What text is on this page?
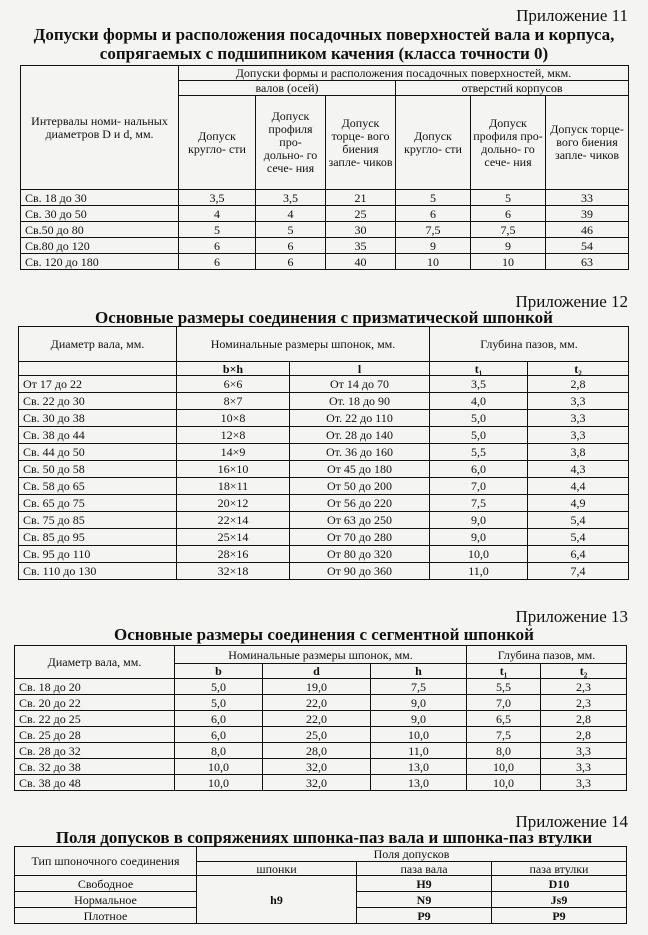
Приложение 11
Допуски формы и расположения посадочных поверхностей вала и корпуса,
сопрягаемых с подшипником качения (класса точности 0)
Интервалы номи- нальных диаметров D и d, мм.	Допуски формы и расположения посадочных поверхностей, мкм.					
	валов (осей)			отверстий корпусов		
	Допуск кругло- сти	Допуск профиля про- дольно- го сече- ния	Допуск торце- вого биения запле- чиков	Допуск кругло- сти	Допуск профиля про- дольно- го сече- ния	Допуск торце- вого биения запле- чиков
Св. 18 до 30	3,5	3,5	21	5	5	33
Св. 30 до 50	4	4	25	6	6	39
Св.50 до 80	5	5	30	7,5	7,5	46
Св.80 до 120	6	6	35	9	9	54
Св. 120 до 180	6	6	40	10	10	63
Приложение 12
Основные размеры соединения с призматической шпонкой
Диаметр вала, мм.	Номинальные размеры шпонок, мм.		Глубина пазов, мм.	
	b×h	l	t₁	t₂
От 17 до 22	6×6	От 14 до 70	3,5	2,8
Св. 22 до 30	8×7	От. 18 до 90	4,0	3,3
Св. 30 до 38	10×8	От. 22 до 110	5,0	3,3
Св. 38 до 44	12×8	От. 28 до 140	5,0	3,3
Св. 44 до 50	14×9	От. 36 до 160	5,5	3,8
Св. 50 до 58	16×10	От 45 до 180	6,0	4,3
Св. 58 до 65	18×11	От 50 до 200	7,0	4,4
Св. 65 до 75	20×12	От 56 до 220	7,5	4,9
Св. 75 до 85	22×14	От 63 до 250	9,0	5,4
Св. 85 до 95	25×14	От 70 до 280	9,0	5,4
Св. 95 до 110	28×16	От 80 до 320	10,0	6,4
Св. 110 до 130	32×18	От 90 до 360	11,0	7,4
Приложение 13
Основные размеры соединения с сегментной шпонкой
Диаметр вала, мм.	Номинальные размеры шпонок, мм.			Глубина пазов, мм.	
	b	d	h	t₁	t₂
Св. 18 до 20	5,0	19,0	7,5	5,5	2,3
Св. 20 до 22	5,0	22,0	9,0	7,0	2,3
Св. 22 до 25	6,0	22,0	9,0	6,5	2,8
Св. 25 до 28	6,0	25,0	10,0	7,5	2,8
Св. 28 до 32	8,0	28,0	11,0	8,0	3,3
Св. 32 до 38	10,0	32,0	13,0	10,0	3,3
Св. 38 до 48	10,0	32,0	13,0	10,0	3,3
Приложение 14
Поля допусков в сопряжениях шпонка-паз вала и шпонка-паз втулки
Тип шпоночного соединения	Поля допусков		
	шпонки	паза вала	паза втулки
Свободное	h9	H9	D10
Нормальное		N9	Js9
Плотное		P9	P9
